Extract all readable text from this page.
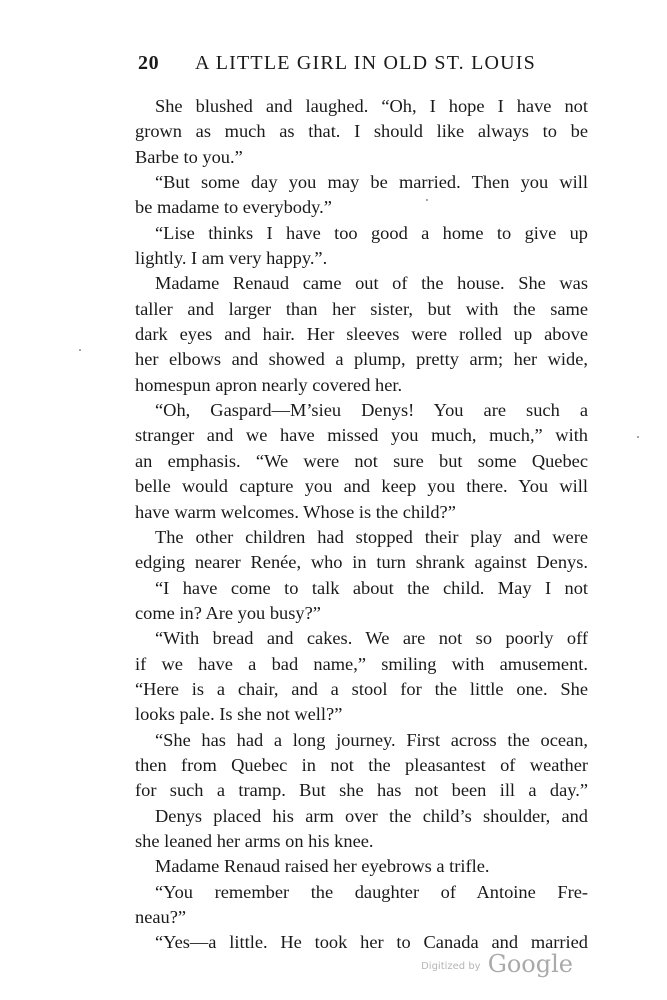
20 A LITTLE GIRL IN OLD ST. LOUIS
She blushed and laughed. “Oh, I hope I have not
grown as much as that. I should like always to be
Barbe to you.”
“But some day you may be married. Then you will
be madame to everybody.”
“Lise thinks I have too good a home to give up
lightly. I am very happy.”.
Madame Renaud came out of the house. She was
taller and larger than her sister, but with the same
dark eyes and hair. Her sleeves were rolled up above
her elbows and showed a plump, pretty arm; her wide,
homespun apron nearly covered her.
“Oh, Gaspard—M’sieu Denys! You are such a
stranger and we have missed you much, much,” with
an emphasis. “We were not sure but some Quebec
belle would capture you and keep you there. You will
have warm welcomes. Whose is the child?”
The other children had stopped their play and were
edging nearer Renée, who in turn shrank against Denys.
“I have come to talk about the child. May I not
come in? Are you busy?”
“With bread and cakes. We are not so poorly off
if we have a bad name,” smiling with amusement.
“Here is a chair, and a stool for the little one. She
looks pale. Is she not well?”
“She has had a long journey. First across the ocean,
then from Quebec in not the pleasantest of weather
for such a tramp. But she has not been ill a day.”
Denys placed his arm over the child’s shoulder, and
she leaned her arms on his knee.
Madame Renaud raised her eyebrows a trifle.
“You remember the daughter of Antoine Fre-
neau?”
“Yes—a little. He took her to Canada and married
Digitized by Google
